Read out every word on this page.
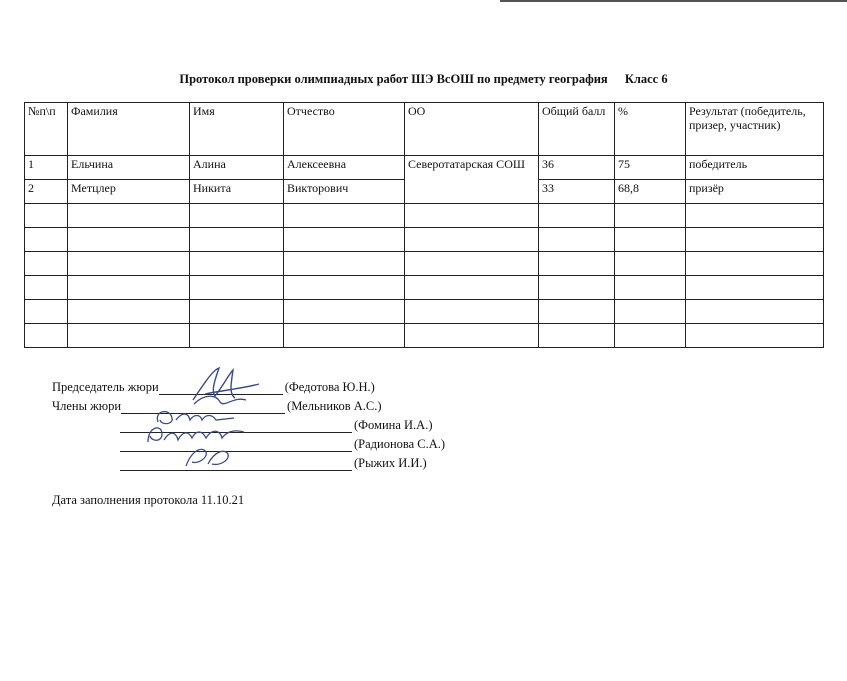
Протокол проверки олимпиадных работ ШЭ ВсОШ по предмету география Класс 6
№п\п	Фамилия	Имя	Отчество	ОО	Общий балл	%	Результат (победитель, призер, участник)
1	Ельчина	Алина	Алексеевна	Северотатарская СОШ	36	75	победитель
2	Метцлер	Никита	Викторович		33	68,8	призёр

Председатель жюри	(Федотова Ю.Н.)
Члены жюри	(Мельников А.С.)
(Фомина И.А.)
(Радионова С.А.)
(Рыжих И.И.)
Дата заполнения протокола 11.10.21
